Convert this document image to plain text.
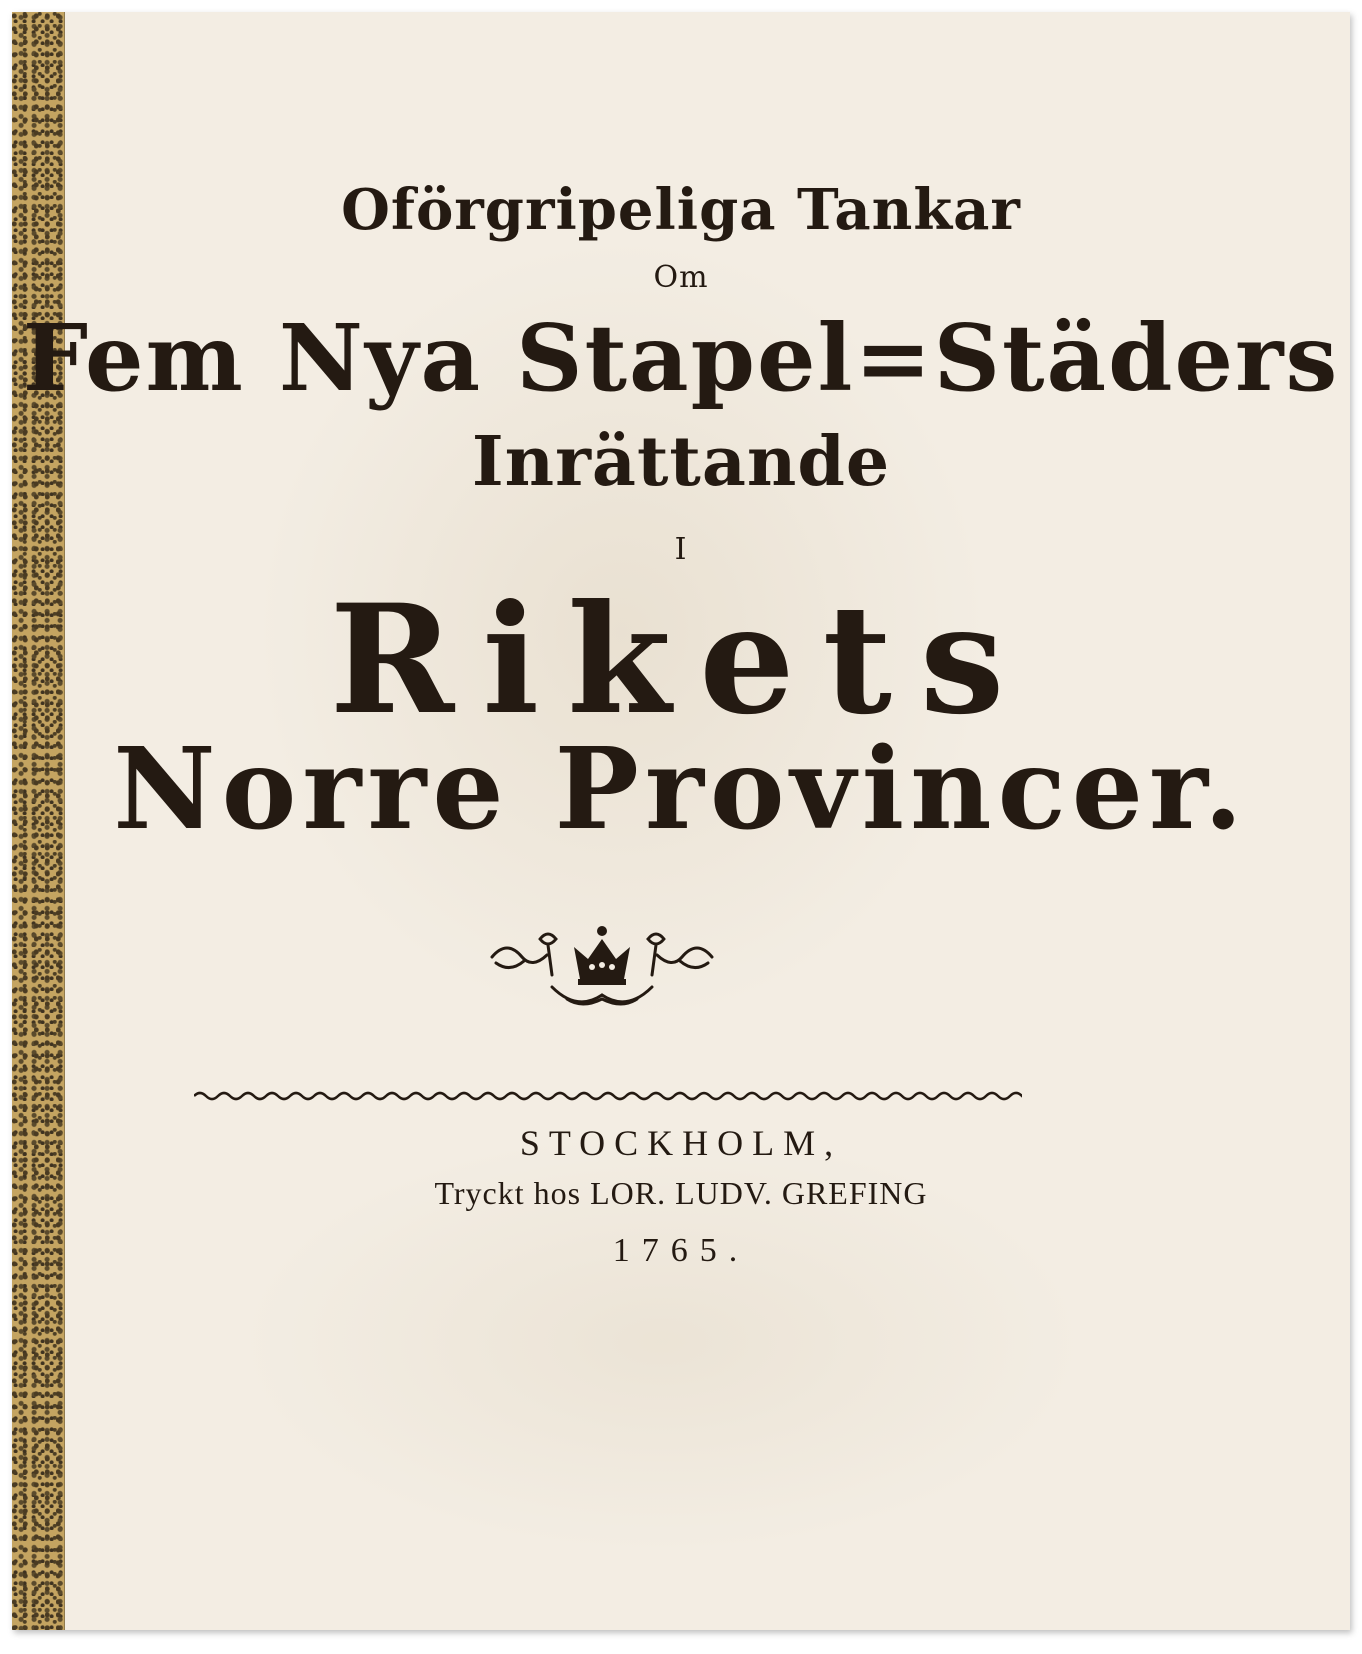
Oförgripeliga Tankar
Om
Fem Nya Stapel=Städers
Inrättande
I
Rikets
Norre Provincer.
STOCKHOLM,
Tryckt hos LOR. LUDV. GREFING
1765.
